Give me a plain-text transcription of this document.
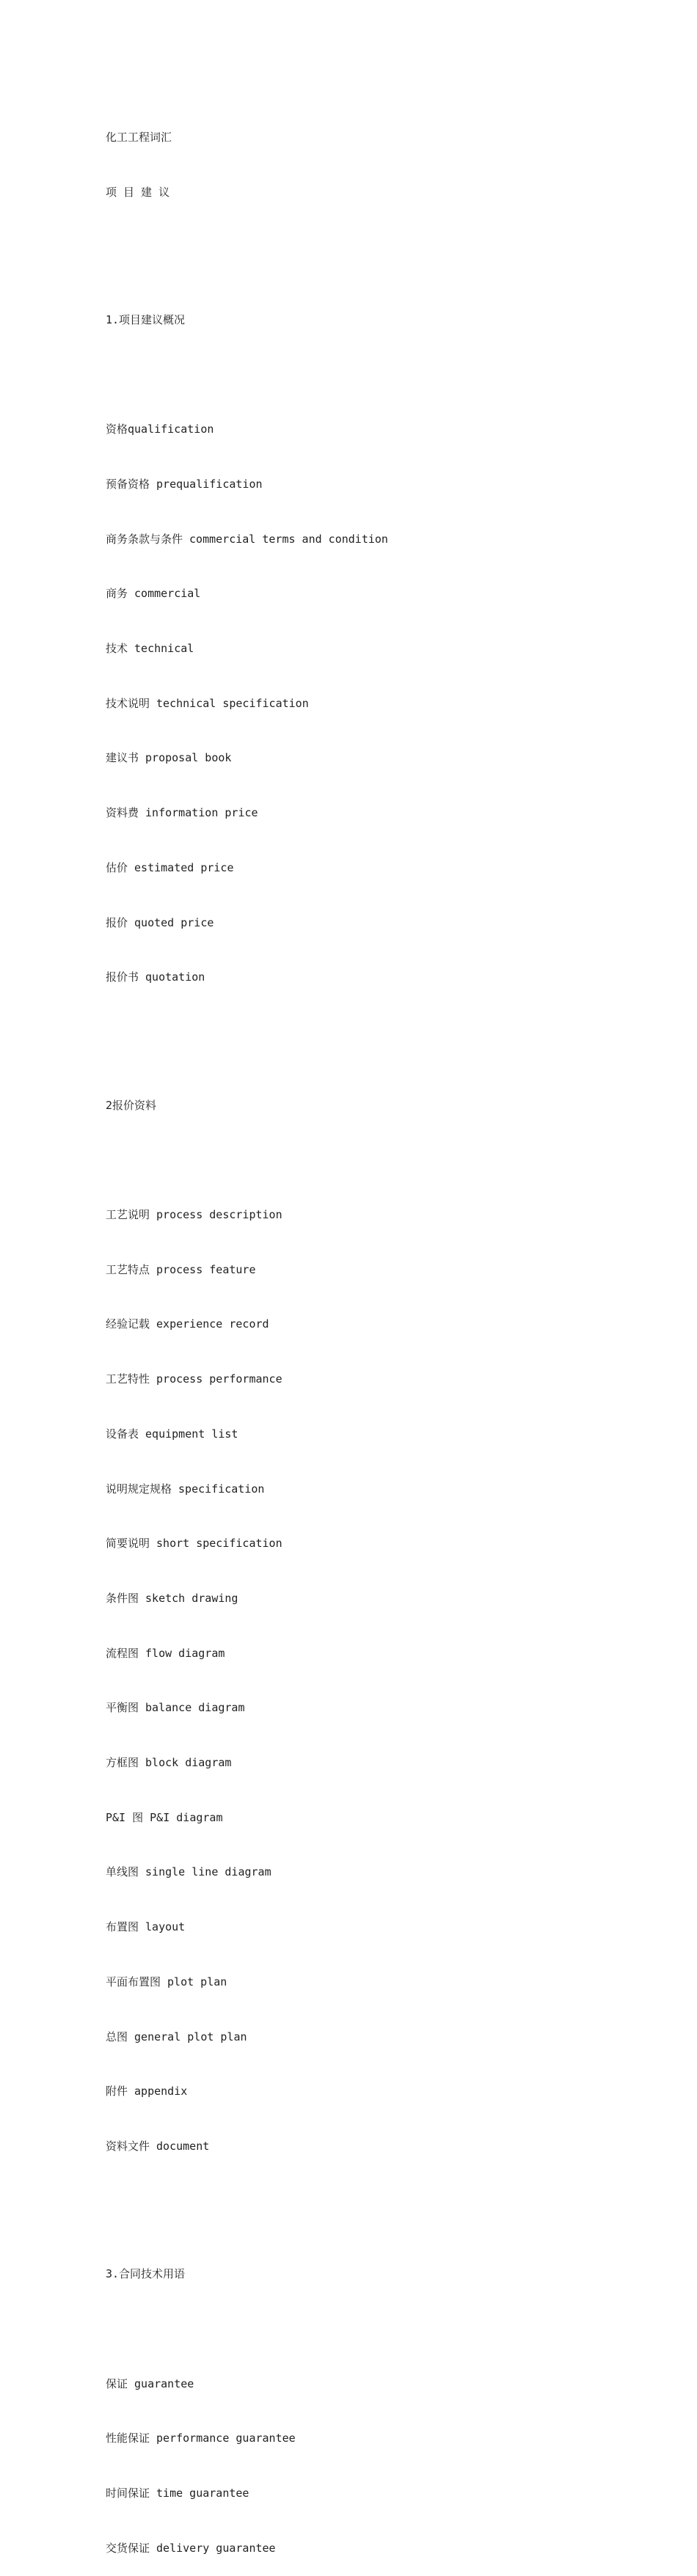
化工工程词汇

项 目 建 议

1.项目建议概况

资格qualification

预备资格 prequalification

商务条款与条件 commercial terms and condition

商务 commercial

技术 technical

技术说明 technical specification

建议书 proposal book

资料费 information price

估价 estimated price

报价 quoted price

报价书 quotation

2报价资料

工艺说明 process description

工艺特点 process feature

经验记载 experience record

工艺特性 process performance

设备表 equipment list

说明规定规格 specification

简要说明 short specification

条件图 sketch drawing

流程图 flow diagram

平衡图 balance diagram

方框图 block diagram

P&I 图 P&I diagram

单线图 single line diagram

布置图 layout

平面布置图 plot plan

总图 general plot plan

附件 appendix

资料文件 document

3.合同技术用语

保证 guarantee

性能保证 performance guarantee

时间保证 time guarantee

交货保证 delivery guarantee
